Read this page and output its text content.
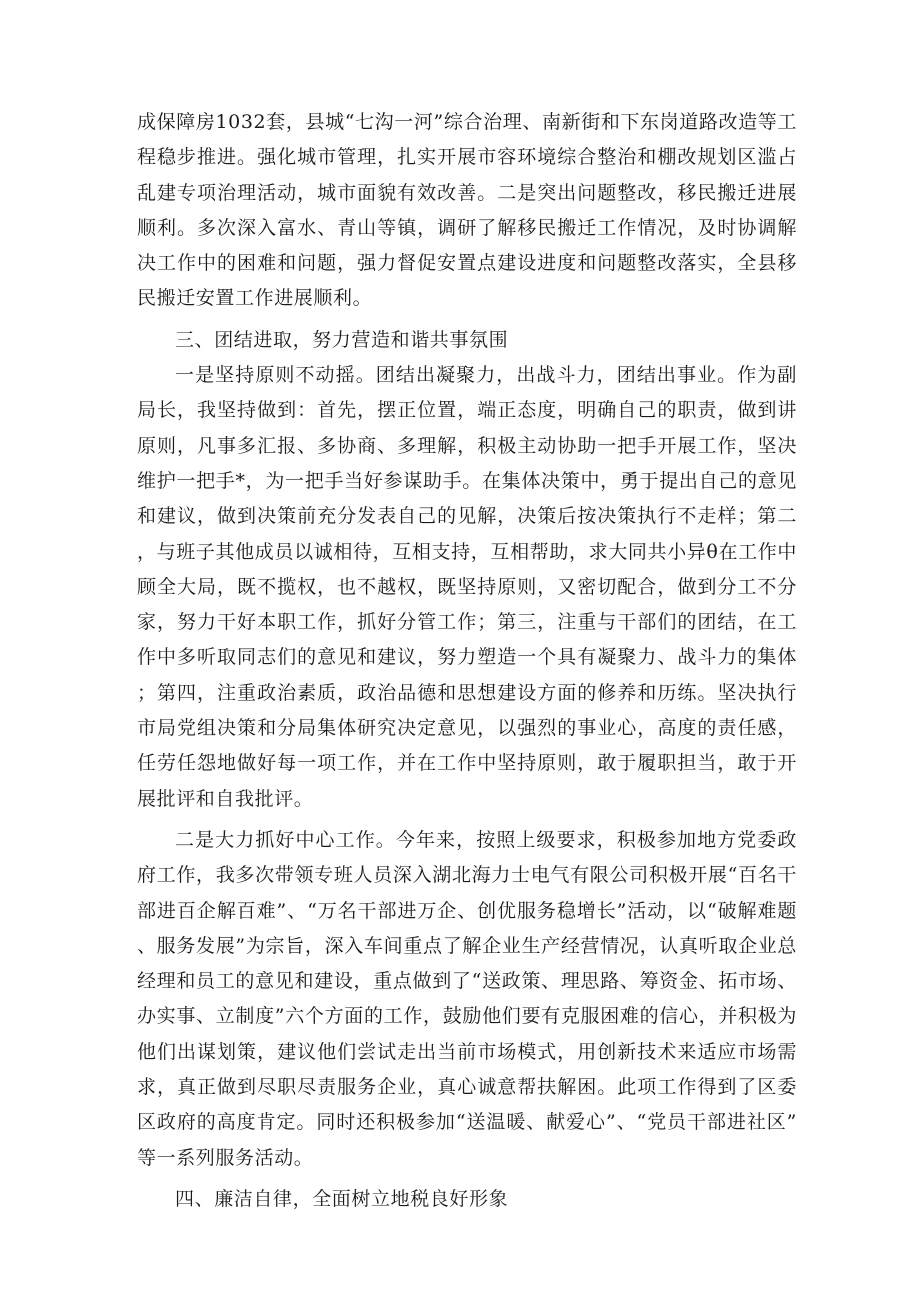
成保障房1032套，县城“七沟一河”综合治理、南新街和下东岗道路改造等工程稳步推进。强化城市管理，扎实开展市容环境综合整治和棚改规划区滥占乱建专项治理活动，城市面貌有效改善。二是突出问题整改，移民搬迁进展顺利。多次深入富水、青山等镇，调研了解移民搬迁工作情况，及时协调解决工作中的困难和问题，强力督促安置点建设进度和问题整改落实，全县移民搬迁安置工作进展顺利。

三、团结进取，努力营造和谐共事氛围

一是坚持原则不动摇。团结出凝聚力，出战斗力，团结出事业。作为副局长，我坚持做到：首先，摆正位置，端正态度，明确自己的职责，做到讲原则，凡事多汇报、多协商、多理解，积极主动协助一把手开展工作，坚决维护一把手*，为一把手当好参谋助手。在集体决策中，勇于提出自己的意见和建议，做到决策前充分发表自己的见解，决策后按决策执行不走样；第二，与班子其他成员以诚相待，互相支持，互相帮助，求大同共小异θ在工作中顾全大局，既不揽权，也不越权，既坚持原则，又密切配合，做到分工不分家，努力干好本职工作，抓好分管工作；第三，注重与干部们的团结，在工作中多听取同志们的意见和建议，努力塑造一个具有凝聚力、战斗力的集体；第四，注重政治素质，政治品德和思想建设方面的修养和历练。坚决执行市局党组决策和分局集体研究决定意见，以强烈的事业心，高度的责任感，任劳任怨地做好每一项工作，并在工作中坚持原则，敢于履职担当，敢于开展批评和自我批评。

二是大力抓好中心工作。今年来，按照上级要求，积极参加地方党委政府工作，我多次带领专班人员深入湖北海力士电气有限公司积极开展“百名干部进百企解百难”、“万名干部进万企、创优服务稳增长”活动，以“破解难题、服务发展”为宗旨，深入车间重点了解企业生产经营情况，认真听取企业总经理和员工的意见和建设，重点做到了“送政策、理思路、筹资金、拓市场、办实事、立制度”六个方面的工作，鼓励他们要有克服困难的信心，并积极为他们出谋划策，建议他们尝试走出当前市场模式，用创新技术来适应市场需求，真正做到尽职尽责服务企业，真心诚意帮扶解困。此项工作得到了区委区政府的高度肯定。同时还积极参加“送温暖、献爱心”、“党员干部进社区”等一系列服务活动。

四、廉洁自律，全面树立地税良好形象
